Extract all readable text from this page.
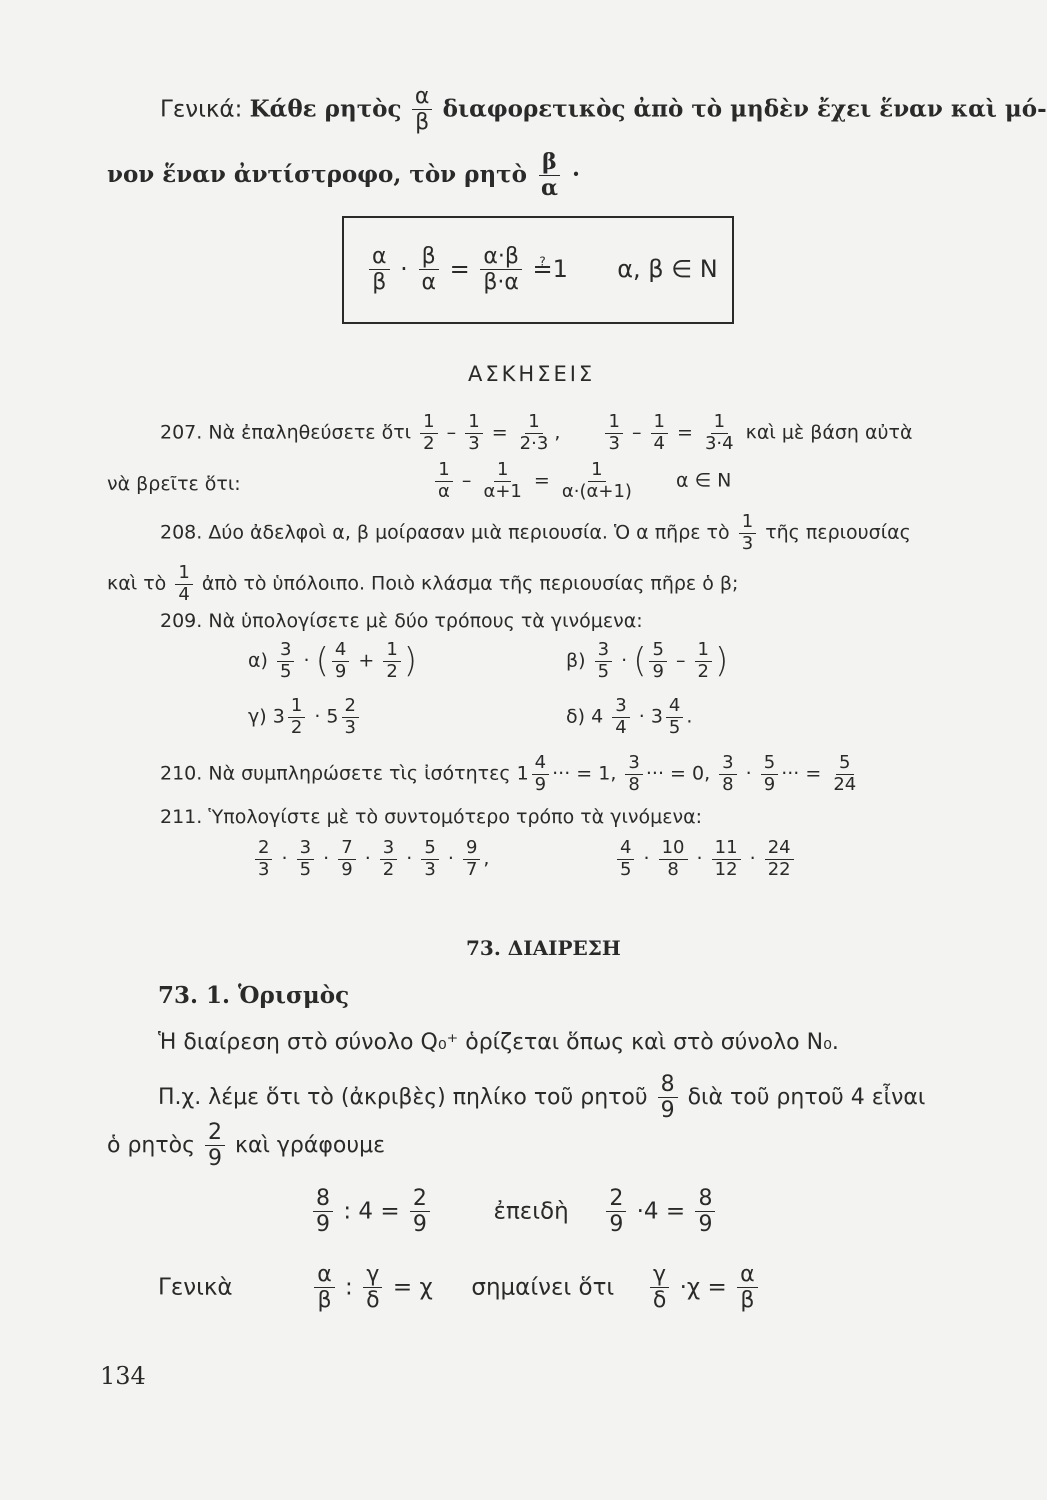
Γενικά: Κάθε ρητὸς $\frac{\alpha}{\beta}$ διαφορετικὸς ἀπὸ τὸ μηδὲν ἔχει ἕναν καὶ μό-
νον ἕναν ἀντίστροφο, τὸν ρητὸ $\frac{\beta}{\alpha}$ ·
$\frac{\alpha}{\beta} \cdot \frac{\beta}{\alpha} = \frac{\alpha\cdot\beta}{\beta\cdot\alpha}$ ≟1 α, β ∈ N
ΑΣΚΗΣΕΙΣ
207. Νὰ ἐπαληθεύσετε ὅτι $\frac{1}{2} - \frac{1}{3} = \frac{1}{2\cdot 3}$ ,	$\frac{1}{3} - \frac{1}{4} = \frac{1}{3\cdot 4}$ καὶ μὲ βάση αὐτὰ
νὰ βρεῖτε ὅτι:	$\frac{1}{\alpha} - \frac{1}{\alpha+1} = \frac{1}{\alpha\cdot(\alpha+1)}$ α ∈ N
208. Δύο ἀδελφοὶ α, β μοίρασαν μιὰ περιουσία. Ὁ α πῆρε τὸ $\frac{1}{3}$ τῆς περιουσίας
καὶ τὸ $\frac{1}{4}$ ἀπὸ τὸ ὑπόλοιπο. Ποιὸ κλάσμα τῆς περιουσίας πῆρε ὁ β;
209. Νὰ ὑπολογίσετε μὲ δύο τρόπους τὰ γινόμενα:
$\alpha) \frac{3}{5}$ · ( $\frac{4}{9} + \frac{1}{2}$ )	$\beta) \frac{3}{5}$ · ( $\frac{5}{9} - \frac{1}{2}$ )
γ) $3 \frac{1}{2} \cdot 5 \frac{2}{3}$	δ) $4 \frac{3}{4} \cdot 3 \frac{4}{5}$ .
210. Νὰ συμπληρώσετε τὶς ἰσότητες $1 \frac{4}{9}$ ··· = 1, $\frac{3}{8}$ ··· = 0, $\frac{3}{8} \cdot \frac{5}{9}$ ··· = $\frac{5}{24}$
211. Ὑπολογίστε μὲ τὸ συντομότερο τρόπο τὰ γινόμενα:
$\frac{2}{3} \cdot \frac{3}{5} \cdot \frac{7}{9} \cdot \frac{3}{2} \cdot \frac{5}{3} \cdot \frac{9}{7}$ ,	$\frac{4}{5} \cdot \frac{10}{8} \cdot \frac{11}{12} \cdot \frac{24}{22}$
73. ΔΙΑΙΡΕΣΗ
73. 1. Ὁρισμὸς
Ἡ διαίρεση στὸ σύνολο Q₀⁺ ὁρίζεται ὅπως καὶ στὸ σύνολο N₀.
Π.χ. λέμε ὅτι τὸ (ἀκριβὲς) πηλίκο τοῦ ρητοῦ $\frac{8}{9}$ διὰ τοῦ ρητοῦ 4 εἶναι
ὁ ρητὸς $\frac{2}{9}$ καὶ γράφουμε
$\frac{8}{9}$ : $4 = \frac{2}{9}$	ἐπειδὴ $\frac{2}{9} \cdot 4 = \frac{8}{9}$
Γενικὰ	$\frac{\alpha}{\beta}$ : $\frac{\gamma}{\delta} = \chi$ σημαίνει ὅτι $\frac{\gamma}{\delta} \cdot\chi = \frac{\alpha}{\beta}$
134
